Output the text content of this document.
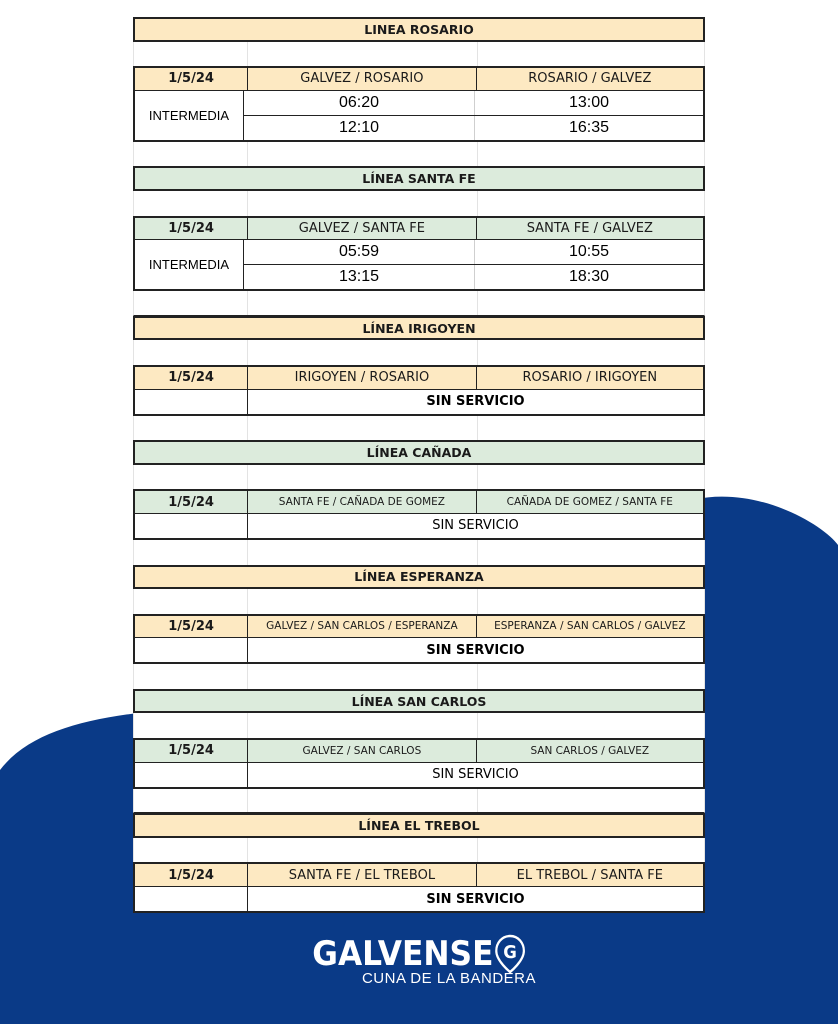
LINEA ROSARIO
1/5/24	GALVEZ / ROSARIO	ROSARIO / GALVEZ
INTERMEDIA
06:20	13:00
12:10	16:35
LÍNEA SANTA FE
1/5/24	GALVEZ / SANTA FE	SANTA FE / GALVEZ
INTERMEDIA
05:59	10:55
13:15	18:30
LÍNEA IRIGOYEN
1/5/24	IRIGOYEN / ROSARIO	ROSARIO / IRIGOYEN
SIN SERVICIO
LÍNEA CAÑADA
1/5/24	SANTA FE / CAÑADA DE GOMEZ	CAÑADA DE GOMEZ / SANTA FE
SIN SERVICIO
LÍNEA ESPERANZA
1/5/24	GALVEZ / SAN CARLOS / ESPERANZA	ESPERANZA / SAN CARLOS / GALVEZ
SIN SERVICIO
LÍNEA SAN CARLOS
1/5/24	GALVEZ / SAN CARLOS	SAN CARLOS / GALVEZ
SIN SERVICIO
LÍNEA EL TREBOL
1/5/24	SANTA FE / EL TREBOL	EL TREBOL / SANTA FE
SIN SERVICIO
GALVENSE G
CUNA DE LA BANDERA
